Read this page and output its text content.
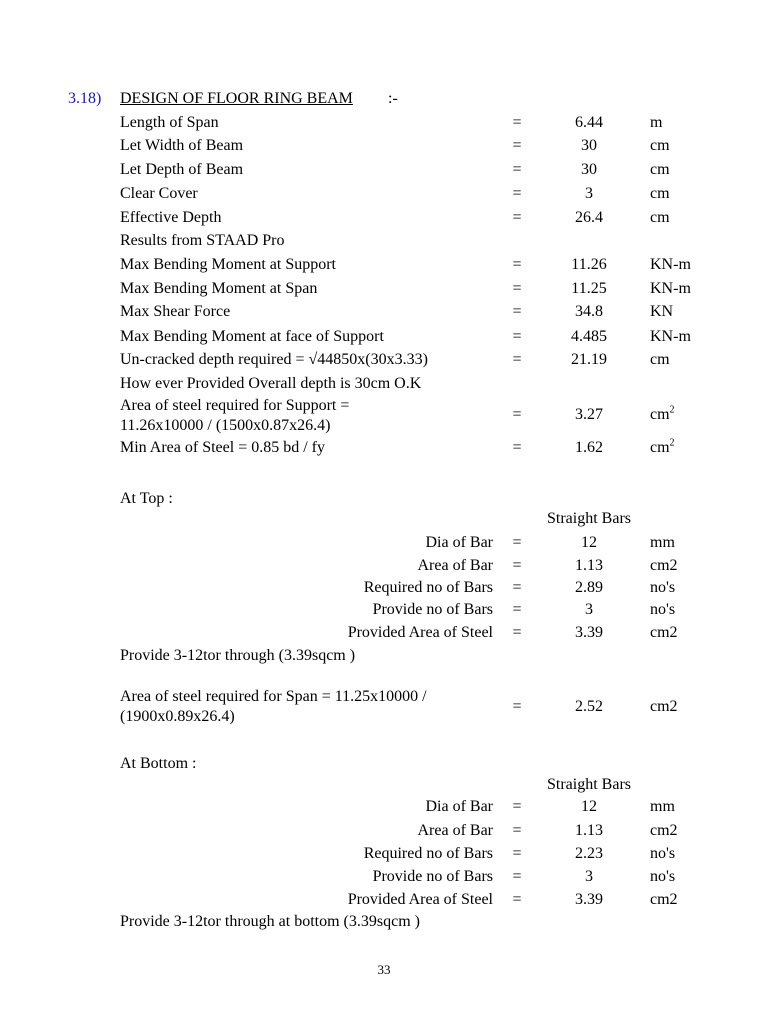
3.18) DESIGN OF FLOOR RING BEAM :-
Length of Span	=	6.44	m
Let Width of Beam	=	30	cm
Let Depth of Beam	=	30	cm
Clear Cover	=	3	cm
Effective Depth	=	26.4	cm
Results from STAAD Pro
Max Bending Moment at Support	=	11.26	KN-m
Max Bending Moment at Span	=	11.25	KN-m
Max Shear Force	=	34.8	KN
Max Bending Moment at face of Support	=	4.485	KN-m
Un-cracked depth required = √44850x(30x3.33)	=	21.19	cm
How ever Provided Overall depth is 30cm O.K
Area of steel required for Support =
11.26x10000 / (1500x0.87x26.4)
=	3.27	$cm^2$
Min Area of Steel = 0.85 bd / fy	=	1.62	$cm^2$
At Top :
Straight Bars
Dia of Bar =	12	mm
Area of Bar =	1.13	cm2
Required no of Bars =	2.89	no's
Provide no of Bars =	3	no's
Provided Area of Steel =	3.39	cm2
Provide 3-12tor through (3.39sqcm )
Area of steel required for Span = 11.25x10000 /
(1900x0.89x26.4)
=	2.52	cm2
At Bottom :
Straight Bars
Dia of Bar =	12	mm
Area of Bar =	1.13	cm2
Required no of Bars =	2.23	no's
Provide no of Bars =	3	no's
Provided Area of Steel =	3.39	cm2
Provide 3-12tor through at bottom (3.39sqcm )
33
